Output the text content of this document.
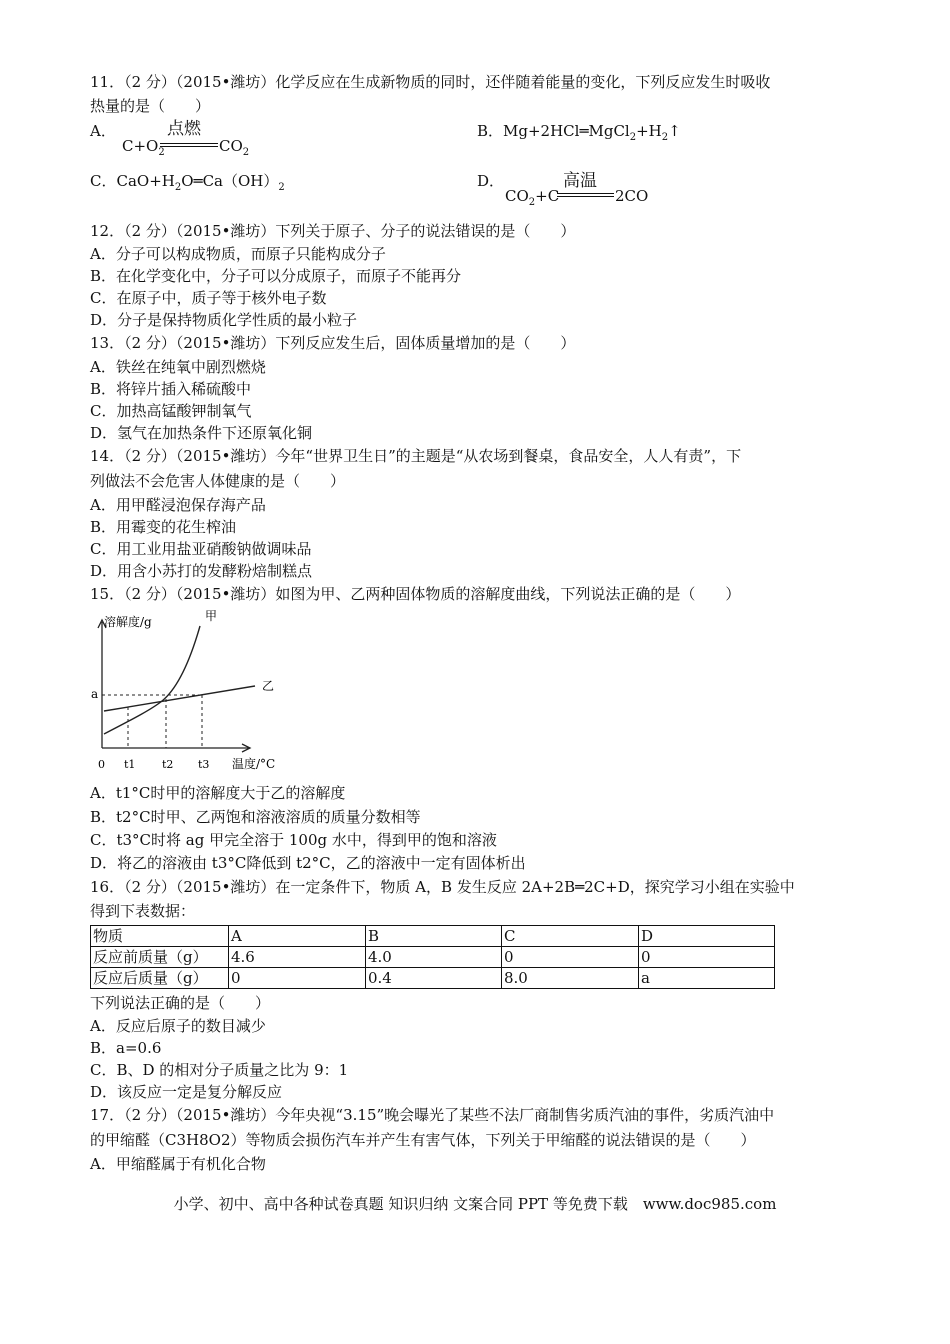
11．（2 分）（2015•潍坊）化学反应在生成新物质的同时，还伴随着能量的变化，下列反应发生时吸收
热量的是（　　）
A．	点燃
$C+O_2$	$CO_2$
B．$Mg+2HCl═MgCl_2+H_2↑$
C．$CaO+H_2O═Ca(OH)_2$	D．	高温
$CO_2+C$	2CO
12．（2 分）（2015•潍坊）下列关于原子、分子的说法错误的是（　　）
A．分子可以构成物质，而原子只能构成分子
B．在化学变化中，分子可以分成原子，而原子不能再分
C．在原子中，质子等于核外电子数
D．分子是保持物质化学性质的最小粒子
13．（2 分）（2015•潍坊）下列反应发生后，固体质量增加的是（　　）
A．铁丝在纯氧中剧烈燃烧
B．将锌片插入稀硫酸中
C．加热高锰酸钾制氧气
D．氢气在加热条件下还原氧化铜
14．（2 分）（2015•潍坊）今年“世界卫生日”的主题是“从农场到餐桌，食品安全，人人有责”，下
列做法不会危害人体健康的是（　　）
A．用甲醛浸泡保存海产品
B．用霉变的花生榨油
C．用工业用盐亚硝酸钠做调味品
D．用含小苏打的发酵粉焙制糕点
15．（2 分）（2015•潍坊）如图为甲、乙两种固体物质的溶解度曲线，下列说法正确的是（　　）
溶解度/g	甲
乙
a
0 t1 t2 t3 温度/°C
A．t1°C时甲的溶解度大于乙的溶解度
B．t2°C时甲、乙两饱和溶液溶质的质量分数相等
C．t3°C时将 ag 甲完全溶于 100g 水中，得到甲的饱和溶液
D．将乙的溶液由 t3°C降低到 t2°C，乙的溶液中一定有固体析出
16．（2 分）（2015•潍坊）在一定条件下，物质 A，B 发生反应 2A+2B═2C+D，探究学习小组在实验中
得到下表数据：
物质	A	B	C	D
反应前质量（g）	4.6	4.0	0	0
反应后质量（g）	0	0.4	8.0	a
下列说法正确的是（　　）
A．反应后原子的数目减少
B．a=0.6
C．B、D 的相对分子质量之比为 9：1
D．该反应一定是复分解反应
17．（2 分）（2015•潍坊）今年央视“3.15”晚会曝光了某些不法厂商制售劣质汽油的事件，劣质汽油中
的甲缩醛（C3H8O2）等物质会损伤汽车并产生有害气体，下列关于甲缩醛的说法错误的是（　　）
A．甲缩醛属于有机化合物
小学、初中、高中各种试卷真题 知识归纳 文案合同 PPT 等免费下载　www.doc985.com
